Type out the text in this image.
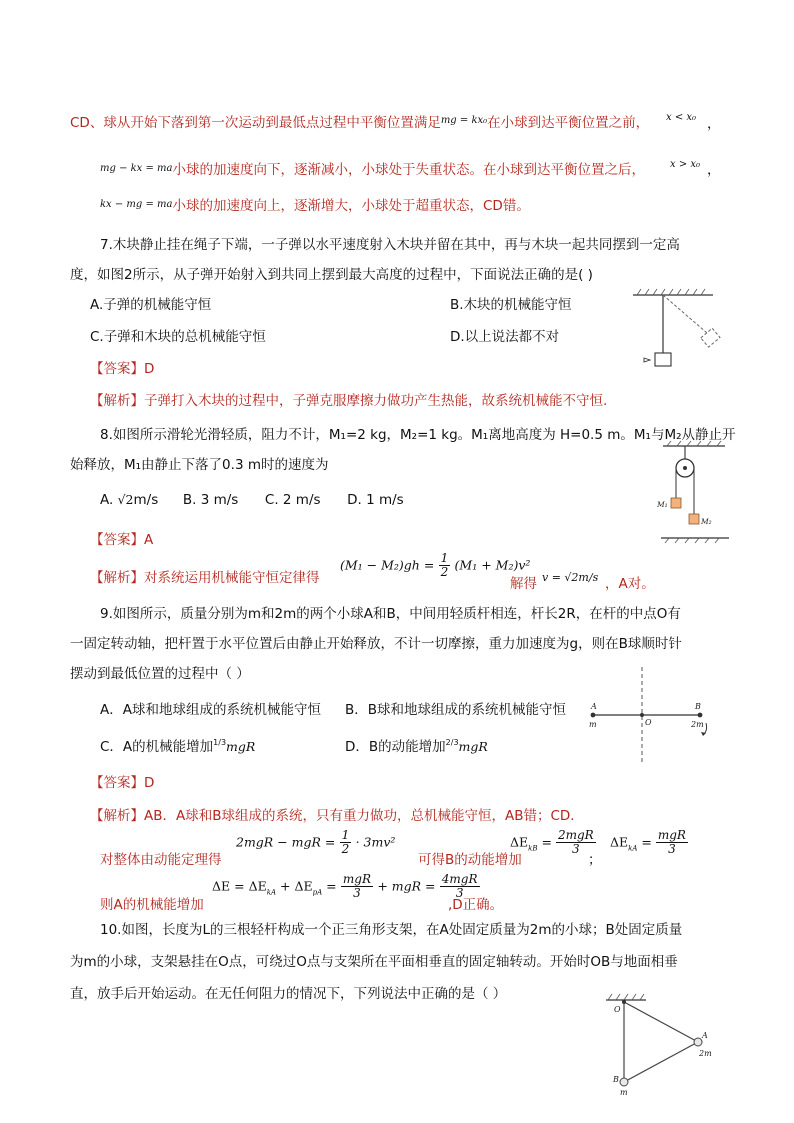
CD、球从开始下落到第一次运动到最低点过程中平衡位置满足$^{mg = kx_0}$在小球到达平衡位置之前， x < x₀ ，
$^{mg - kx = ma}$小球的加速度向下，逐渐减小，小球处于失重状态。在小球到达平衡位置之后，	x > x₀ ，
$^{kx - mg = ma}$小球的加速度向上，逐渐增大，小球处于超重状态，CD错。
7.木块静止挂在绳子下端，一子弹以水平速度射入木块并留在其中，再与木块一起共同摆到一定高
度，如图2所示，从子弹开始射入到共同上摆到最大高度的过程中，下面说法正确的是( )
A.子弹的机械能守恒	B.木块的机械能守恒
C.子弹和木块的总机械能守恒	D.以上说法都不对
【答案】D
【解析】子弹打入木块的过程中，子弹克服摩擦力做功产生热能，故系统机械能不守恒.
8.如图所示滑轮光滑轻质，阻力不计，M₁=2 kg，M₂=1 kg。M₁离地高度为 H=0.5 m。M₁与M₂从静止开
始释放，M₁由静止下落了0.3 m时的速度为
A. √2m/s B. 3 m/s C. 2 m/s D. 1 m/s
【答案】A
【解析】对系统运用机械能守恒定律得
$(M_1 - M_2)gh = \frac{1}{2} (M_1 + M_2)v^2$
解得 v = √2m/s ，A对。
M₁
M₂
9.如图所示，质量分别为m和2m的两个小球A和B，中间用轻质杆相连，杆长2R，在杆的中点O有
一固定转动轴，把杆置于水平位置后由静止开始释放，不计一切摩擦，重力加速度为g，则在B球顺时针
摆动到最低位置的过程中（ ）
A．A球和地球组成的系统机械能守恒 B．B球和地球组成的系统机械能守恒
C．A的机械能增加$^{1/3}$mgR	D．B的动能增加$^{2/3}$mgR
【答案】D
【解析】AB．A球和B球组成的系统，只有重力做功，总机械能守恒，AB错；CD．
对整体由动能定理得
2mgR − mgR = $\frac{1}{2} \cdot 3mv^2$
可得B的动能增加
$\Delta E_{kB} = \frac{\text{2mgR}}{3}$
；
$\Delta E_{kA} = \frac{\text{mgR}}{3}$
则A的机械能增加
$\Delta E = \Delta E_{kA} + \Delta E_{pA} = \frac{\text{mgR}}{3}$ + mgR = $\frac{\text{4mgR}}{3}$
,D正确。
A	B
O
m	2m
10.如图，长度为L的三根轻杆构成一个正三角形支架，在A处固定质量为2m的小球；B处固定质量
为m的小球，支架悬挂在O点，可绕过O点与支架所在平面相垂直的固定轴转动。开始时OB与地面相垂
直，放手后开始运动。在无任何阻力的情况下，下列说法中正确的是（ ）
O
A
2m
B
m
